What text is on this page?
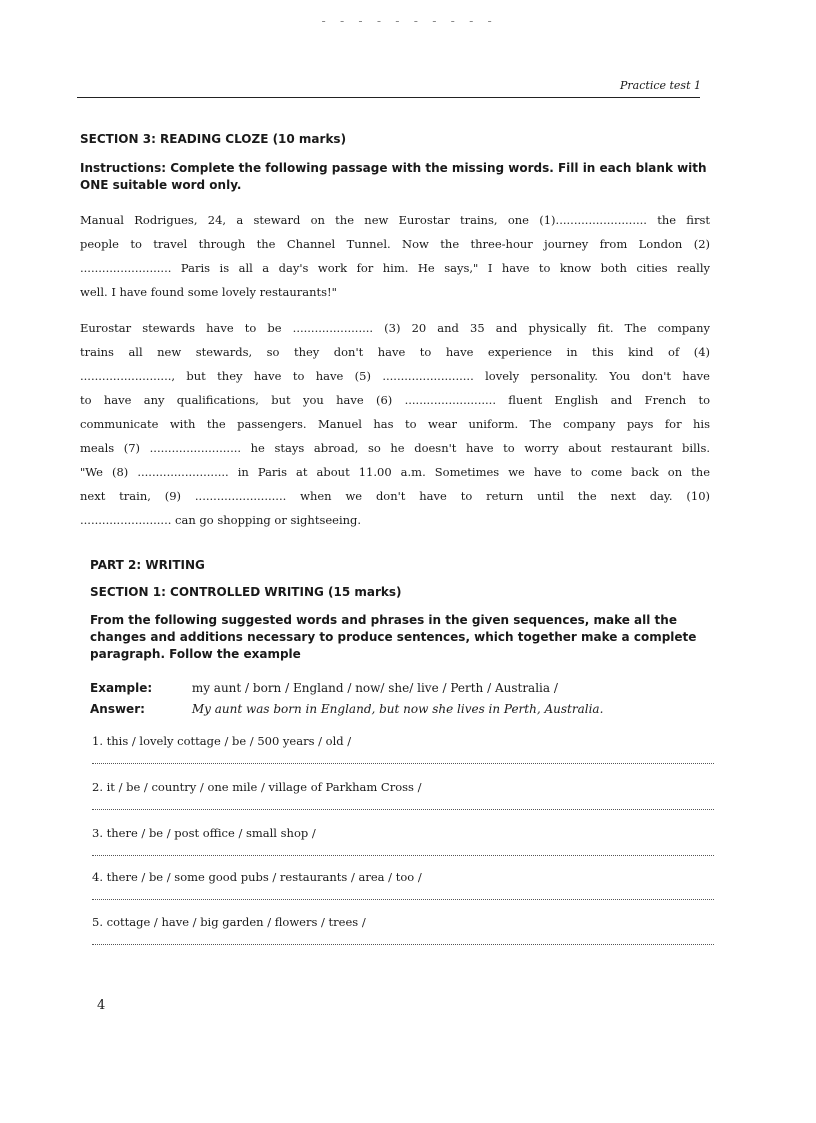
- - - - - - - - - -
Practice test 1
SECTION 3: READING CLOZE (10 marks)
Instructions: Complete the following passage with the missing words. Fill in each blank with ONE suitable word only.
Manual Rodrigues, 24, a steward on the new Eurostar trains, one (1)......................... the first
people to travel through the Channel Tunnel. Now the three-hour journey from London (2)
......................... Paris is all a day's work for him. He says," I have to know both cities really
well. I have found some lovely restaurants!"
Eurostar stewards have to be ...................... (3) 20 and 35 and physically fit. The company
trains all new stewards, so they don't have to have experience in this kind of (4)
........................., but they have to have (5) ......................... lovely personality. You don't have
to have any qualifications, but you have (6) ......................... fluent English and French to
communicate with the passengers. Manuel has to wear uniform. The company pays for his
meals (7) ......................... he stays abroad, so he doesn't have to worry about restaurant bills.
"We (8) ......................... in Paris at about 11.00 a.m. Sometimes we have to come back on the
next train, (9) ......................... when we don't have to return until the next day. (10)
......................... can go shopping or sightseeing.
PART 2: WRITING
SECTION 1: CONTROLLED WRITING (15 marks)
From the following suggested words and phrases in the given sequences, make all the changes and additions necessary to produce sentences, which together make a complete paragraph. Follow the example
Example:	my aunt / born / England / now/ she/ live / Perth / Australia /
Answer:	My aunt was born in England, but now she lives in Perth, Australia.
1. this / lovely cottage / be / 500 years / old /
2. it / be / country / one mile / village of Parkham Cross /
3. there / be / post office / small shop /
4. there / be / some good pubs / restaurants / area / too /
5. cottage / have / big garden / flowers / trees /
4
